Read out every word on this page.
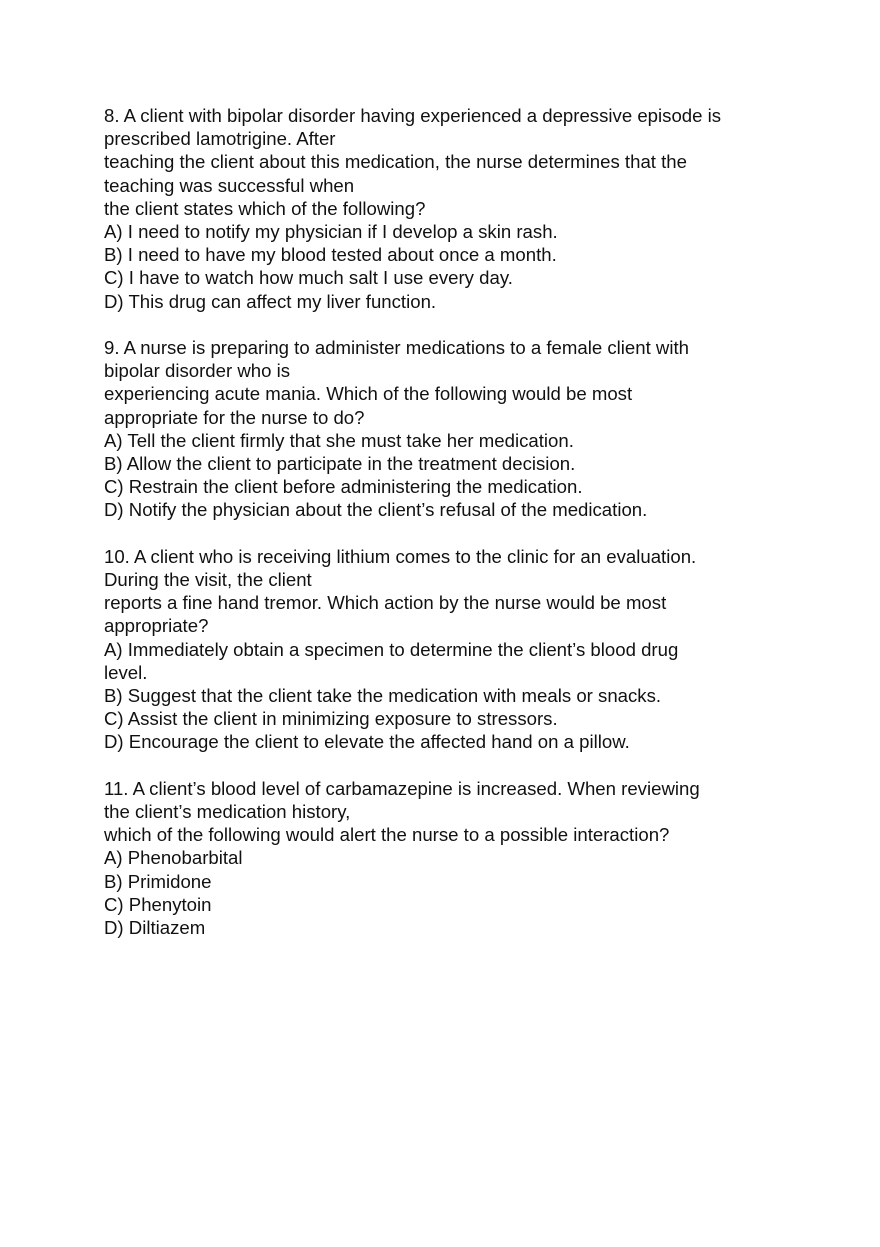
8. A client with bipolar disorder having experienced a depressive episode is
prescribed lamotrigine. After
teaching the client about this medication, the nurse determines that the
teaching was successful when
the client states which of the following?
A) I need to notify my physician if I develop a skin rash.
B) I need to have my blood tested about once a month.
C) I have to watch how much salt I use every day.
D) This drug can affect my liver function.
9. A nurse is preparing to administer medications to a female client with
bipolar disorder who is
experiencing acute mania. Which of the following would be most
appropriate for the nurse to do?
A) Tell the client firmly that she must take her medication.
B) Allow the client to participate in the treatment decision.
C) Restrain the client before administering the medication.
D) Notify the physician about the client’s refusal of the medication.
10. A client who is receiving lithium comes to the clinic for an evaluation.
During the visit, the client
reports a fine hand tremor. Which action by the nurse would be most
appropriate?
A) Immediately obtain a specimen to determine the client’s blood drug
level.
B) Suggest that the client take the medication with meals or snacks.
C) Assist the client in minimizing exposure to stressors.
D) Encourage the client to elevate the affected hand on a pillow.
11. A client’s blood level of carbamazepine is increased. When reviewing
the client’s medication history,
which of the following would alert the nurse to a possible interaction?
A) Phenobarbital
B) Primidone
C) Phenytoin
D) Diltiazem
